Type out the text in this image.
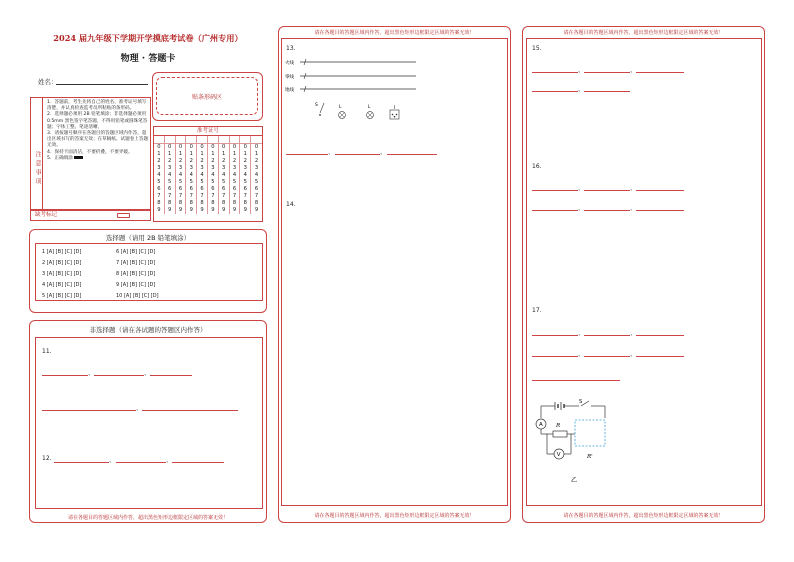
2024 届九年级下学期开学摸底考试卷（广州专用）
物理 · 答题卡
姓名：
贴条形码区
注意事项
1．答题前，考生先将自己的姓名、准考证号填写清楚，并认真检查监考员所粘贴的条形码。
2．选择题必须用 2B 铅笔填涂；非选择题必须用 0.5mm 黑色签字笔答题，不得用铅笔或圆珠笔答题；字体工整、笔迹清晰。
3．请按题号顺序在各题目的答题区域内作答，超出区域书写的答案无效；在草稿纸、试题卷上答题无效。
4．保持卡面清洁，不要折叠、不要弄破。
5．正确填涂
准考证号
0
1
2
3
4
5
6
7
8
9
0
1
2
3
4
5
6
7
8
9
0
1
2
3
4
5
6
7
8
9
0
1
2
3
4
5
6
7
8
9
0
1
2
3
4
5
6
7
8
9
0
1
2
3
4
5
6
7
8
9
0
1
2
3
4
5
6
7
8
9
0
1
2
3
4
5
6
7
8
9
0
1
2
3
4
5
6
7
8
9
0
1
2
3
4
5
6
7
8
9
缺考标记
选择题（请用 2B 铅笔填涂）
1 [A] [B] [C] [D]	6 [A] [B] [C] [D]
2 [A] [B] [C] [D]	7 [A] [B] [C] [D]
3 [A] [B] [C] [D]	8 [A] [B] [C] [D]
4 [A] [B] [C] [D]	9 [A] [B] [C] [D]
5 [A] [B] [C] [D]	10 [A] [B] [C] [D]
非选择题（请在各试题的答题区内作答）
11.
、	、
、
12.	、	、
请在各题目的答题区域内作答，超出黑色矩形边框限定区域的答案无效！
请在各题目的答题区域内作答，超出黑色矩形边框限定区域的答案无效！
13.
火线
零线
地线
S	L	L
、	、
14.
请在各题目的答题区域内作答，超出黑色矩形边框限定区域的答案无效！
请在各题目的答题区域内作答，超出黑色矩形边框限定区域的答案无效！
15.
、	、
、
16.
、	、
、	、
17.
、	、
、	、
S
A R
R'
V
乙
请在各题目的答题区域内作答，超出黑色矩形边框限定区域的答案无效！
